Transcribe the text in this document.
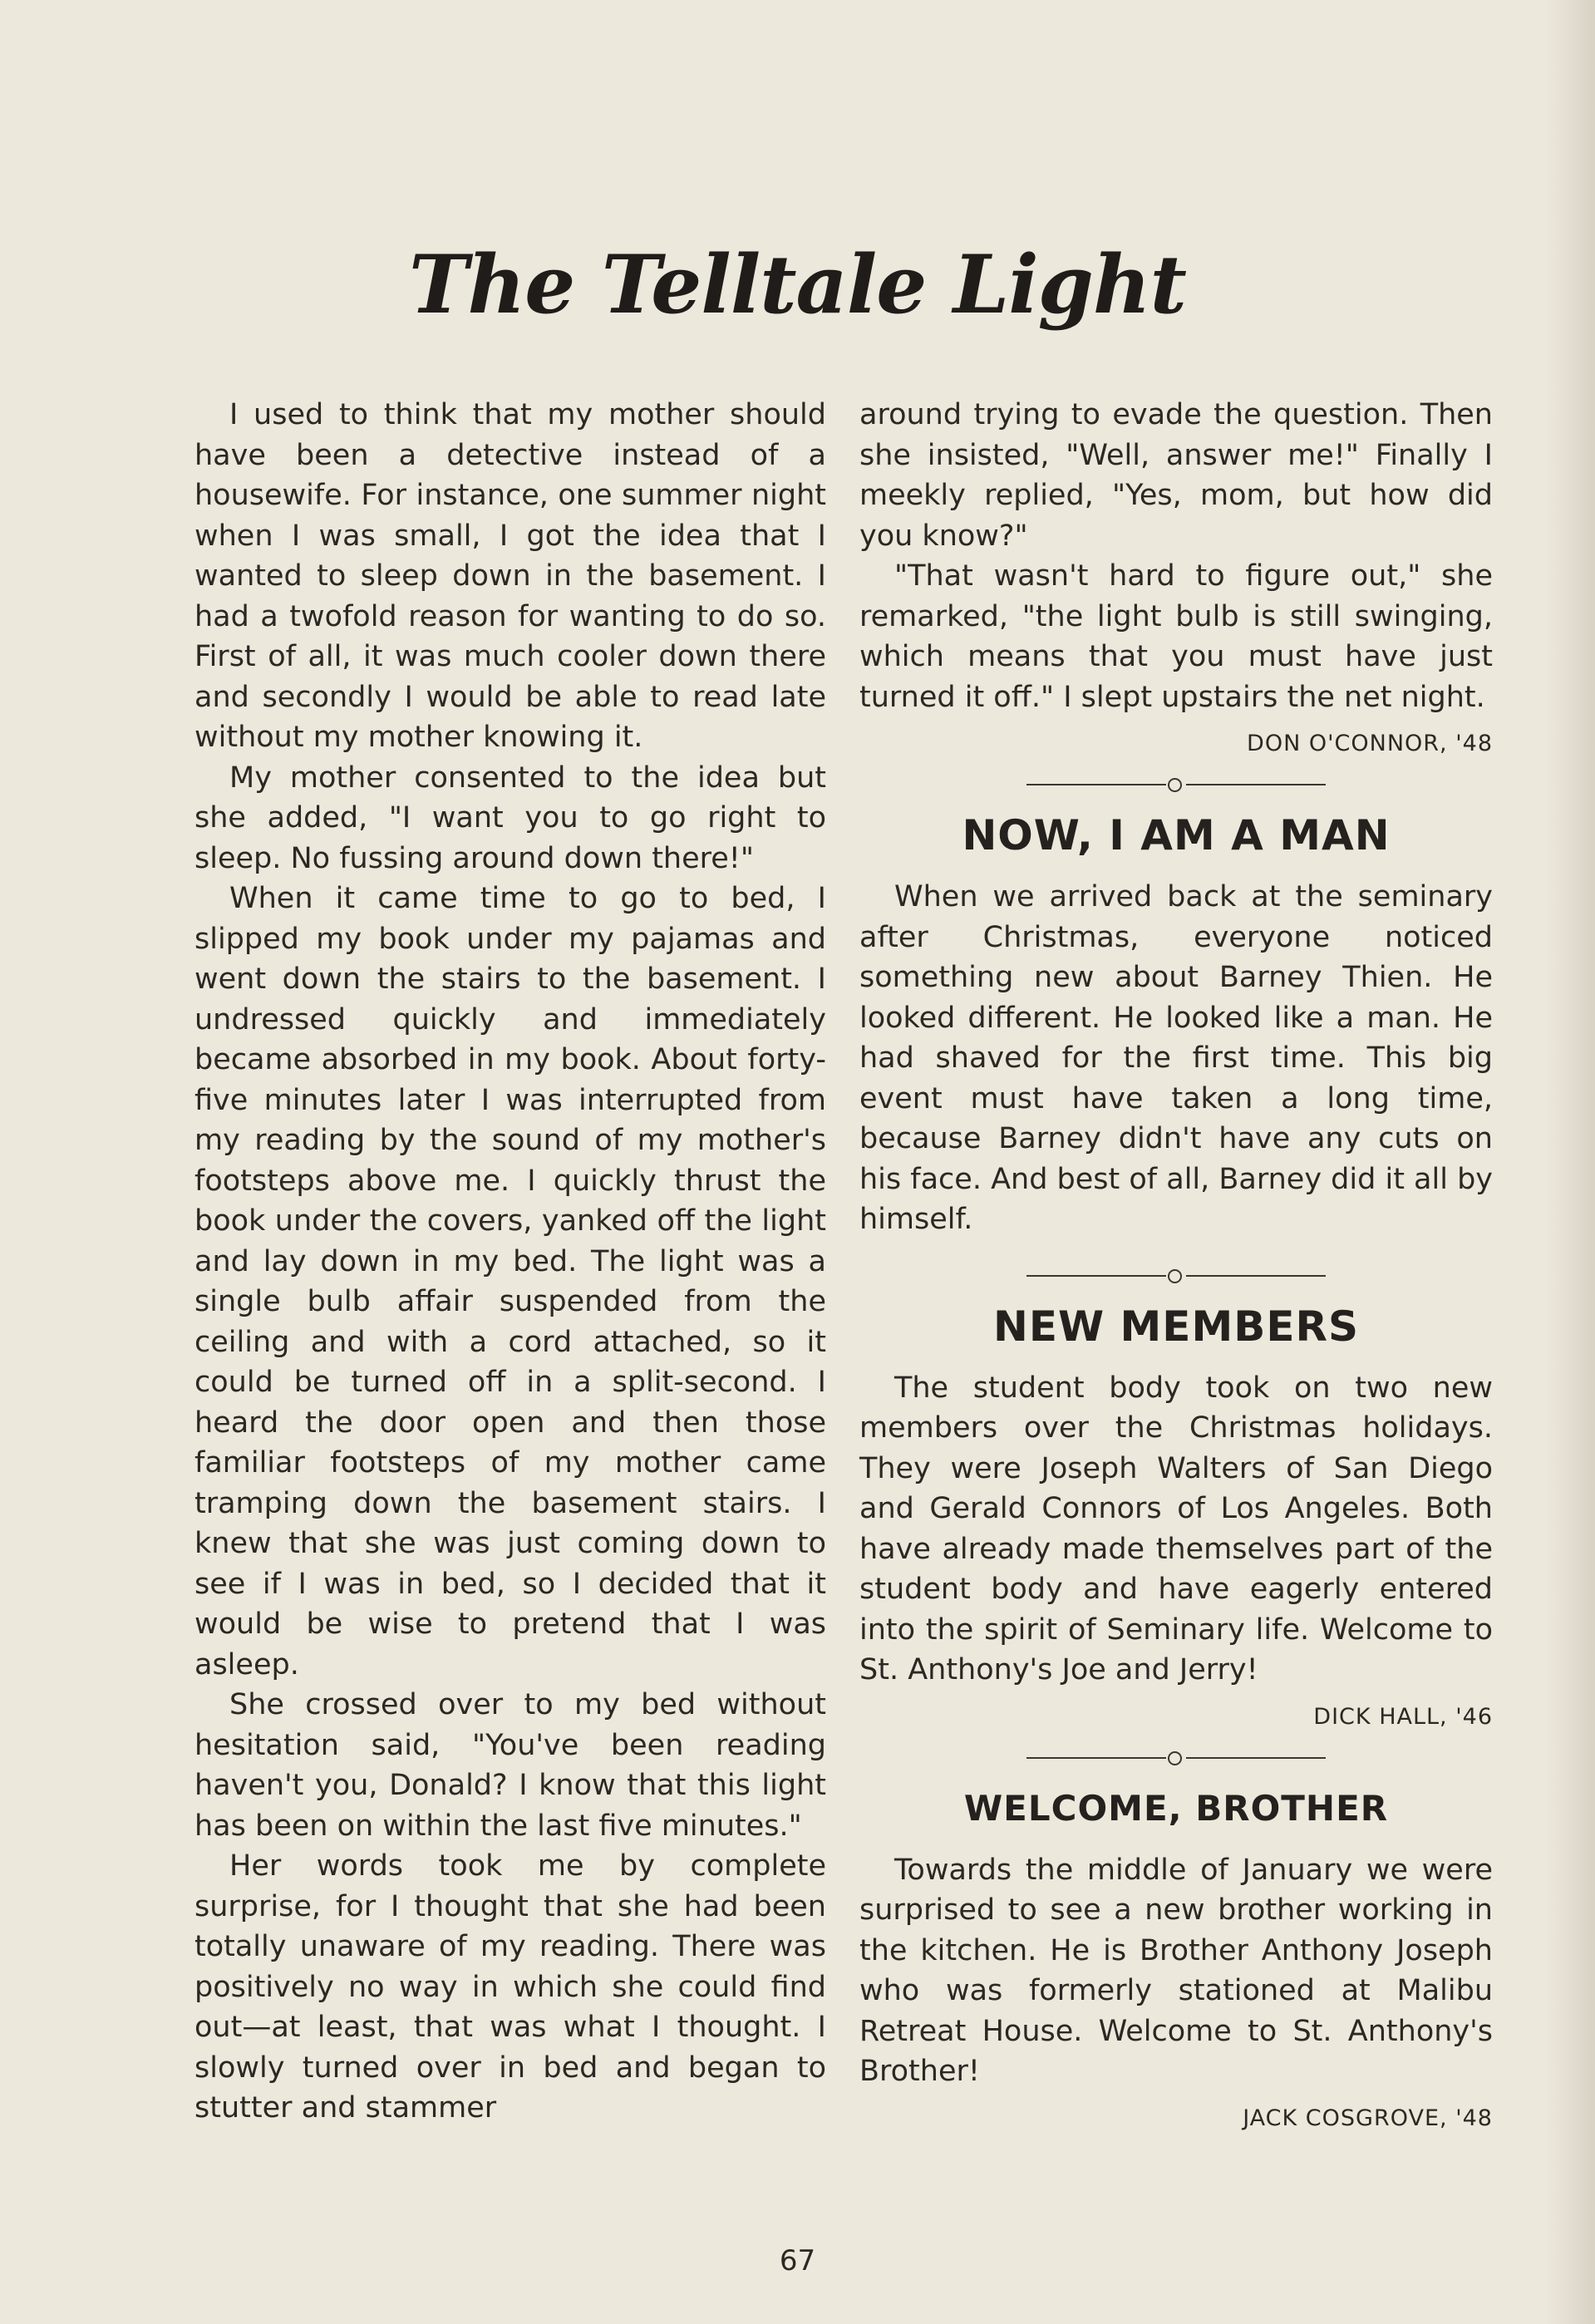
The Telltale Light

I used to think that my mother should have been a detective instead of a housewife. For instance, one summer night when I was small, I got the idea that I wanted to sleep down in the basement. I had a twofold reason for wanting to do so. First of all, it was much cooler down there and secondly I would be able to read late without my mother knowing it.

My mother consented to the idea but she added, "I want you to go right to sleep. No fussing around down there!"

When it came time to go to bed, I slipped my book under my pajamas and went down the stairs to the basement. I undressed quickly and immediately became absorbed in my book. About forty-five minutes later I was interrupted from my reading by the sound of my mother's footsteps above me. I quickly thrust the book under the covers, yanked off the light and lay down in my bed. The light was a single bulb affair suspended from the ceiling and with a cord attached, so it could be turned off in a split-second. I heard the door open and then those familiar footsteps of my mother came tramping down the basement stairs. I knew that she was just coming down to see if I was in bed, so I decided that it would be wise to pretend that I was asleep.

She crossed over to my bed without hesitation said, "You've been reading haven't you, Donald? I know that this light has been on within the last five minutes."

Her words took me by complete surprise, for I thought that she had been totally unaware of my reading. There was positively no way in which she could find out—at least, that was what I thought. I slowly turned over in bed and began to stutter and stammer

around trying to evade the question. Then she insisted, "Well, answer me!" Finally I meekly replied, "Yes, mom, but how did you know?"

"That wasn't hard to figure out," she remarked, "the light bulb is still swinging, which means that you must have just turned it off." I slept upstairs the net night.

DON O'CONNOR, '48
NOW, I AM A MAN

When we arrived back at the seminary after Christmas, everyone noticed something new about Barney Thien. He looked different. He looked like a man. He had shaved for the first time. This big event must have taken a long time, because Barney didn't have any cuts on his face. And best of all, Barney did it all by himself.

NEW MEMBERS

The student body took on two new members over the Christmas holidays. They were Joseph Walters of San Diego and Gerald Connors of Los Angeles. Both have already made themselves part of the student body and have eagerly entered into the spirit of Seminary life. Welcome to St. Anthony's Joe and Jerry!

DICK HALL, '46
WELCOME, BROTHER

Towards the middle of January we were surprised to see a new brother working in the kitchen. He is Brother Anthony Joseph who was formerly stationed at Malibu Retreat House. Welcome to St. Anthony's Brother!

JACK COSGROVE, '48
67
